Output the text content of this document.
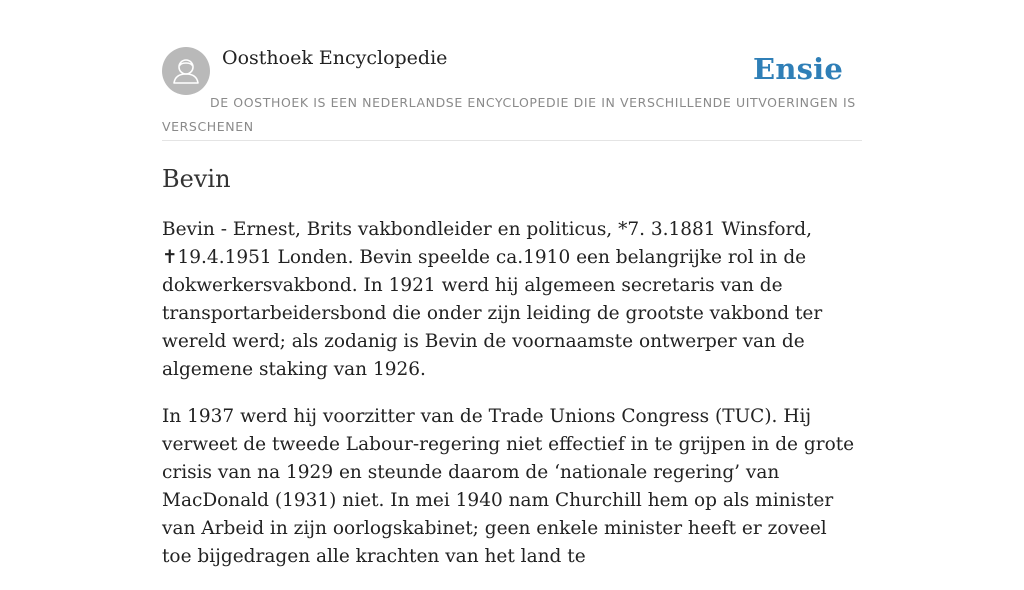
Oosthoek Encyclopedie	Ensie
DE OOSTHOEK IS EEN NEDERLANDSE ENCYCLOPEDIE DIE IN VERSCHILLENDE UITVOERINGEN IS VERSCHENEN
Bevin

Bevin - Ernest, Brits vakbondleider en politicus, *7. 3.1881 Winsford, ✝19.4.1951 Londen. Bevin speelde ca.1910 een belangrijke rol in de dokwerkersvakbond. In 1921 werd hij algemeen secretaris van de transportarbeidersbond die onder zijn leiding de grootste vakbond ter wereld werd; als zodanig is Bevin de voornaamste ontwerper van de algemene staking van 1926.

In 1937 werd hij voorzitter van de Trade Unions Congress (TUC). Hij verweet de tweede Labour-regering niet effectief in te grijpen in de grote crisis van na 1929 en steunde daarom de ‘nationale regering’ van MacDonald (1931) niet. In mei 1940 nam Churchill hem op als minister van Arbeid in zijn oorlogskabinet; geen enkele minister heeft er zoveel toe bijgedragen alle krachten van het land te
